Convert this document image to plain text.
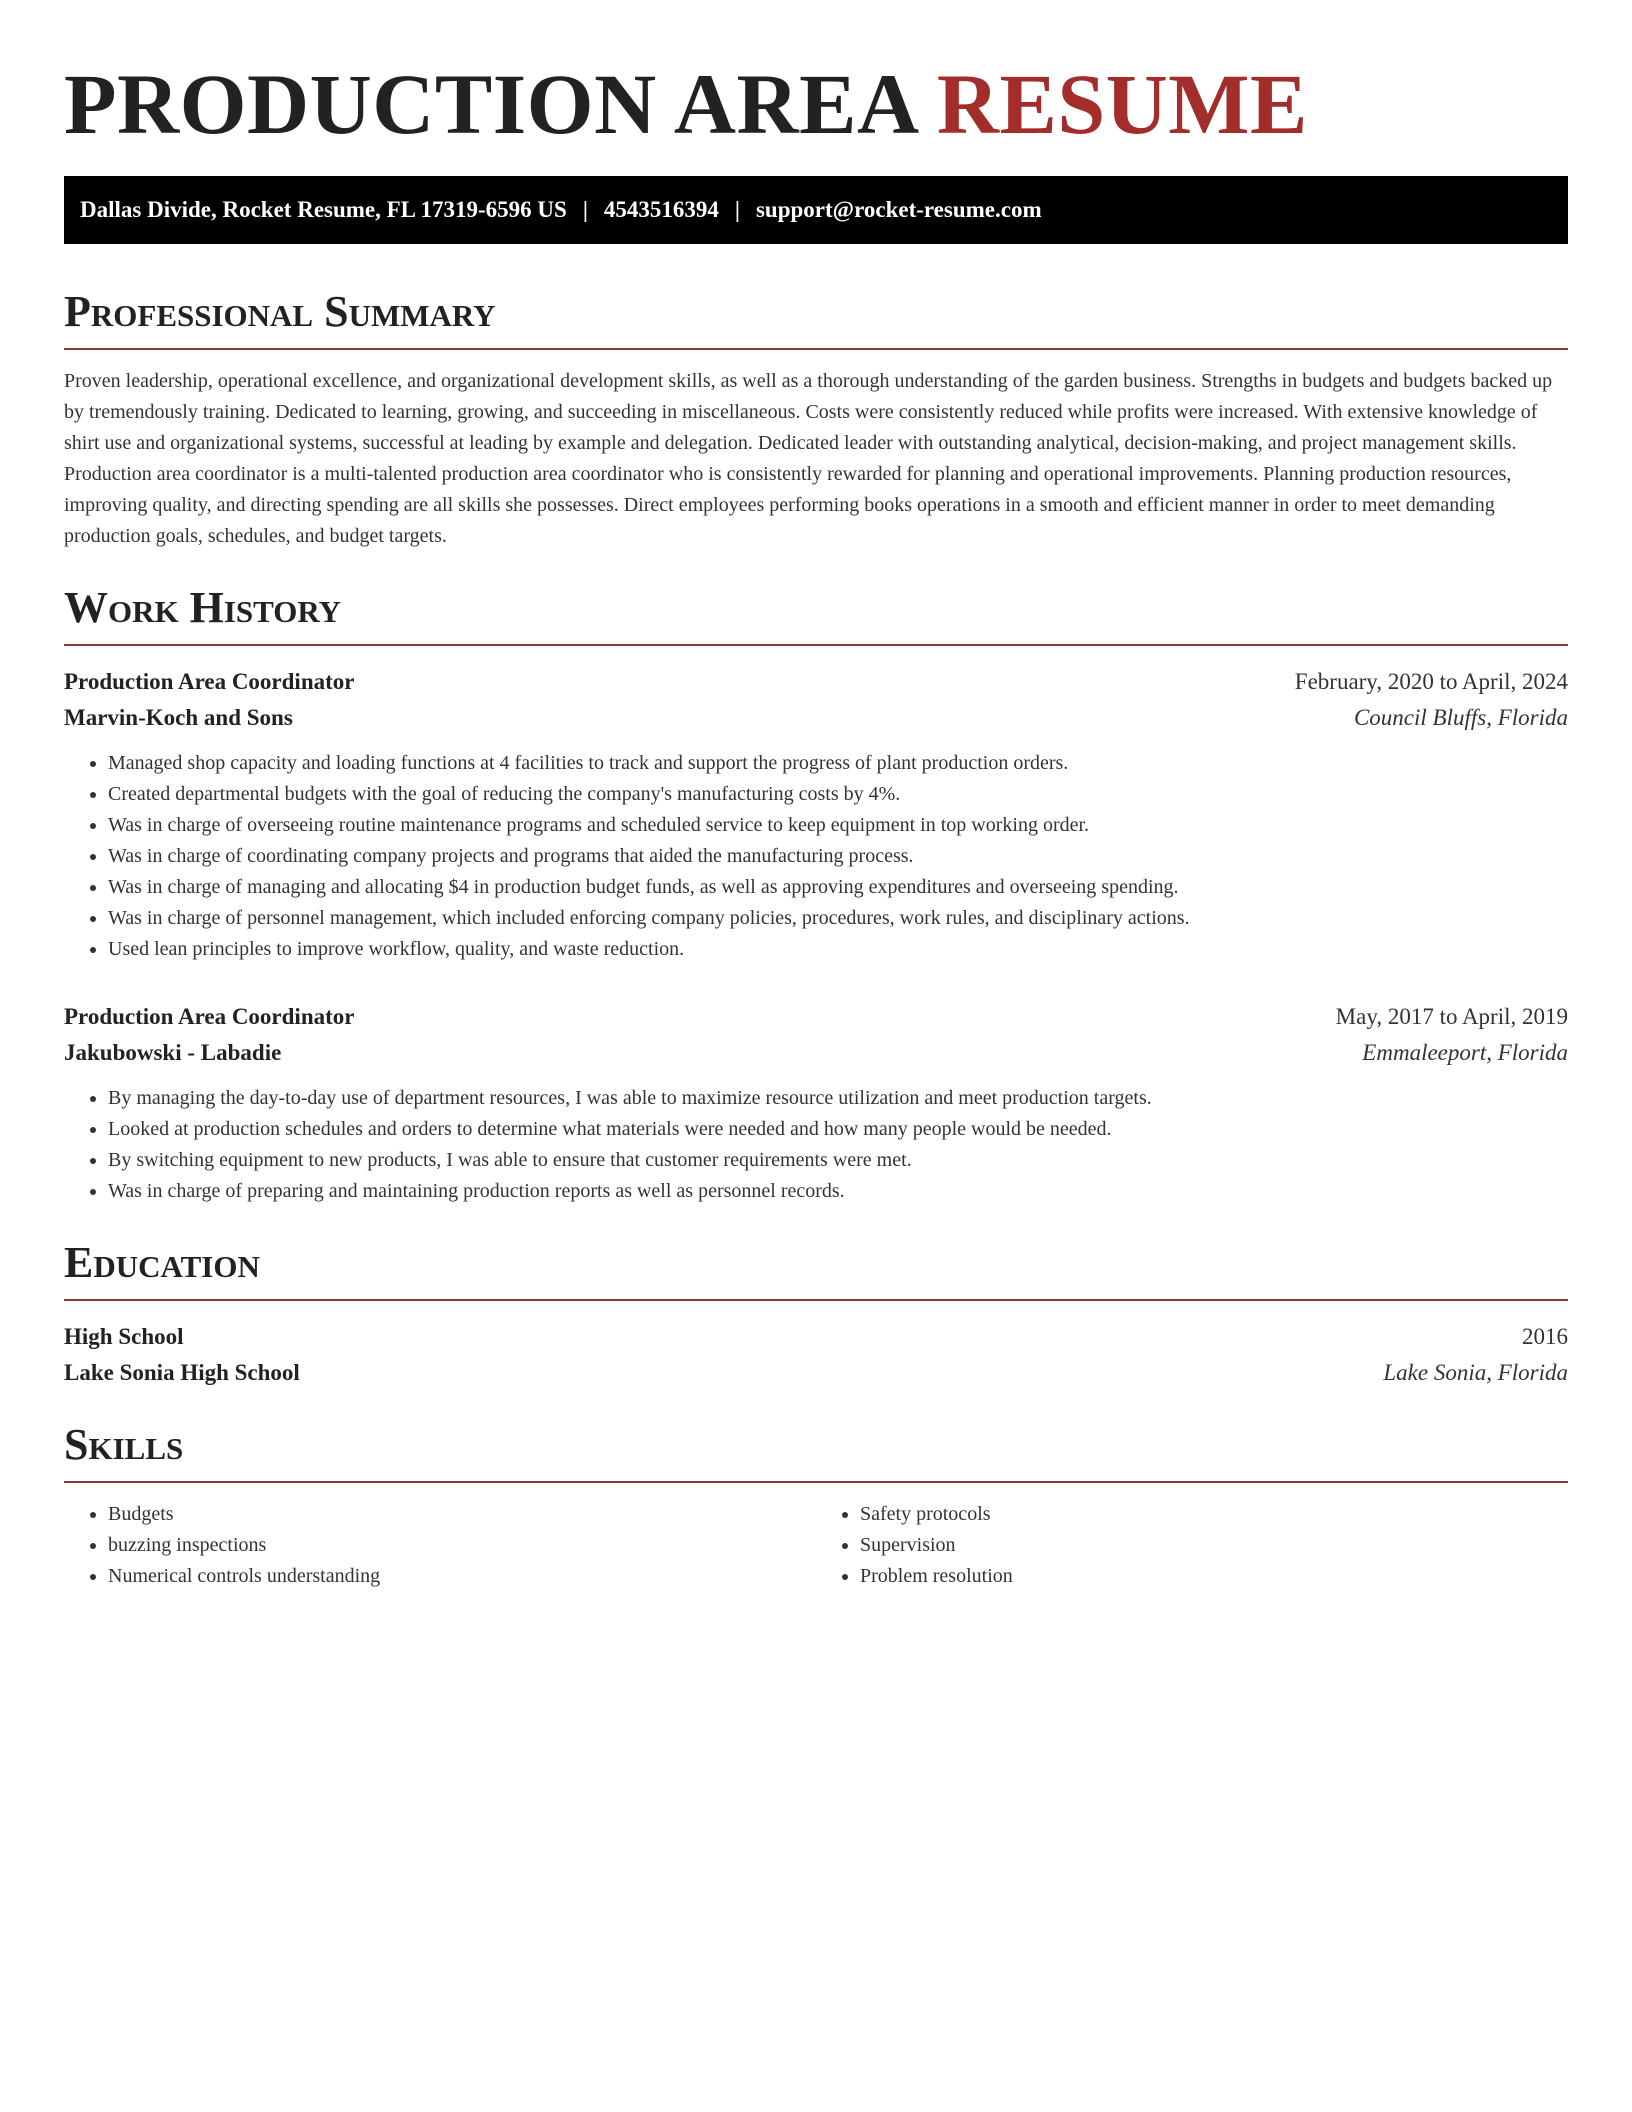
PRODUCTION AREA RESUME
Dallas Divide, Rocket Resume, FL 17319-6596 US | 4543516394 | support@rocket-resume.com
Professional Summary

Proven leadership, operational excellence, and organizational development skills, as well as a thorough understanding of the garden business. Strengths in budgets and budgets backed up by tremendously training. Dedicated to learning, growing, and succeeding in miscellaneous. Costs were consistently reduced while profits were increased. With extensive knowledge of shirt use and organizational systems, successful at leading by example and delegation. Dedicated leader with outstanding analytical, decision-making, and project management skills. Production area coordinator is a multi-talented production area coordinator who is consistently rewarded for planning and operational improvements. Planning production resources, improving quality, and directing spending are all skills she possesses. Direct employees performing books operations in a smooth and efficient manner in order to meet demanding production goals, schedules, and budget targets.

Work History
Production Area Coordinator	February, 2020 to April, 2024
Marvin-Koch and Sons	Council Bluffs, Florida
• Managed shop capacity and loading functions at 4 facilities to track and support the progress of plant production orders.
• Created departmental budgets with the goal of reducing the company's manufacturing costs by 4%.
• Was in charge of overseeing routine maintenance programs and scheduled service to keep equipment in top working order.
• Was in charge of coordinating company projects and programs that aided the manufacturing process.
• Was in charge of managing and allocating $4 in production budget funds, as well as approving expenditures and overseeing spending.
• Was in charge of personnel management, which included enforcing company policies, procedures, work rules, and disciplinary actions.
• Used lean principles to improve workflow, quality, and waste reduction.
Production Area Coordinator	May, 2017 to April, 2019
Jakubowski - Labadie	Emmaleeport, Florida
• By managing the day-to-day use of department resources, I was able to maximize resource utilization and meet production targets.
• Looked at production schedules and orders to determine what materials were needed and how many people would be needed.
• By switching equipment to new products, I was able to ensure that customer requirements were met.
• Was in charge of preparing and maintaining production reports as well as personnel records.
Education
High School	2016
Lake Sonia High School	Lake Sonia, Florida
Skills
• Budgets
• buzzing inspections
• Numerical controls understanding
• Safety protocols
• Supervision
• Problem resolution
